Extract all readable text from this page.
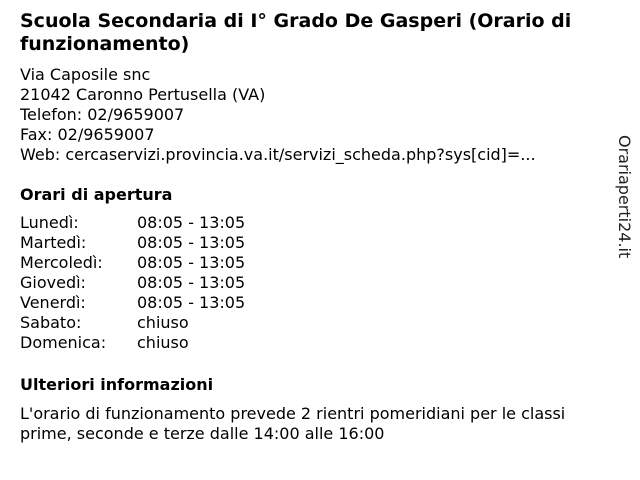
Scuola Secondaria di I° Grado De Gasperi (Orario di funzionamento)
Via Caposile snc
21042 Caronno Pertusella (VA)
Telefon: 02/9659007
Fax: 02/9659007
Web: cercaservizi.provincia.va.it/servizi_scheda.php?sys[cid]=...
Orari di apertura
Lunedì:	08:05 - 13:05
Martedì:	08:05 - 13:05
Mercoledì:	08:05 - 13:05
Giovedì:	08:05 - 13:05
Venerdì:	08:05 - 13:05
Sabato:	chiuso
Domenica:	chiuso
Ulteriori informazioni

L'orario di funzionamento prevede 2 rientri pomeridiani per le classi prime, seconde e terze dalle 14:00 alle 16:00

Orariaperti24.it
